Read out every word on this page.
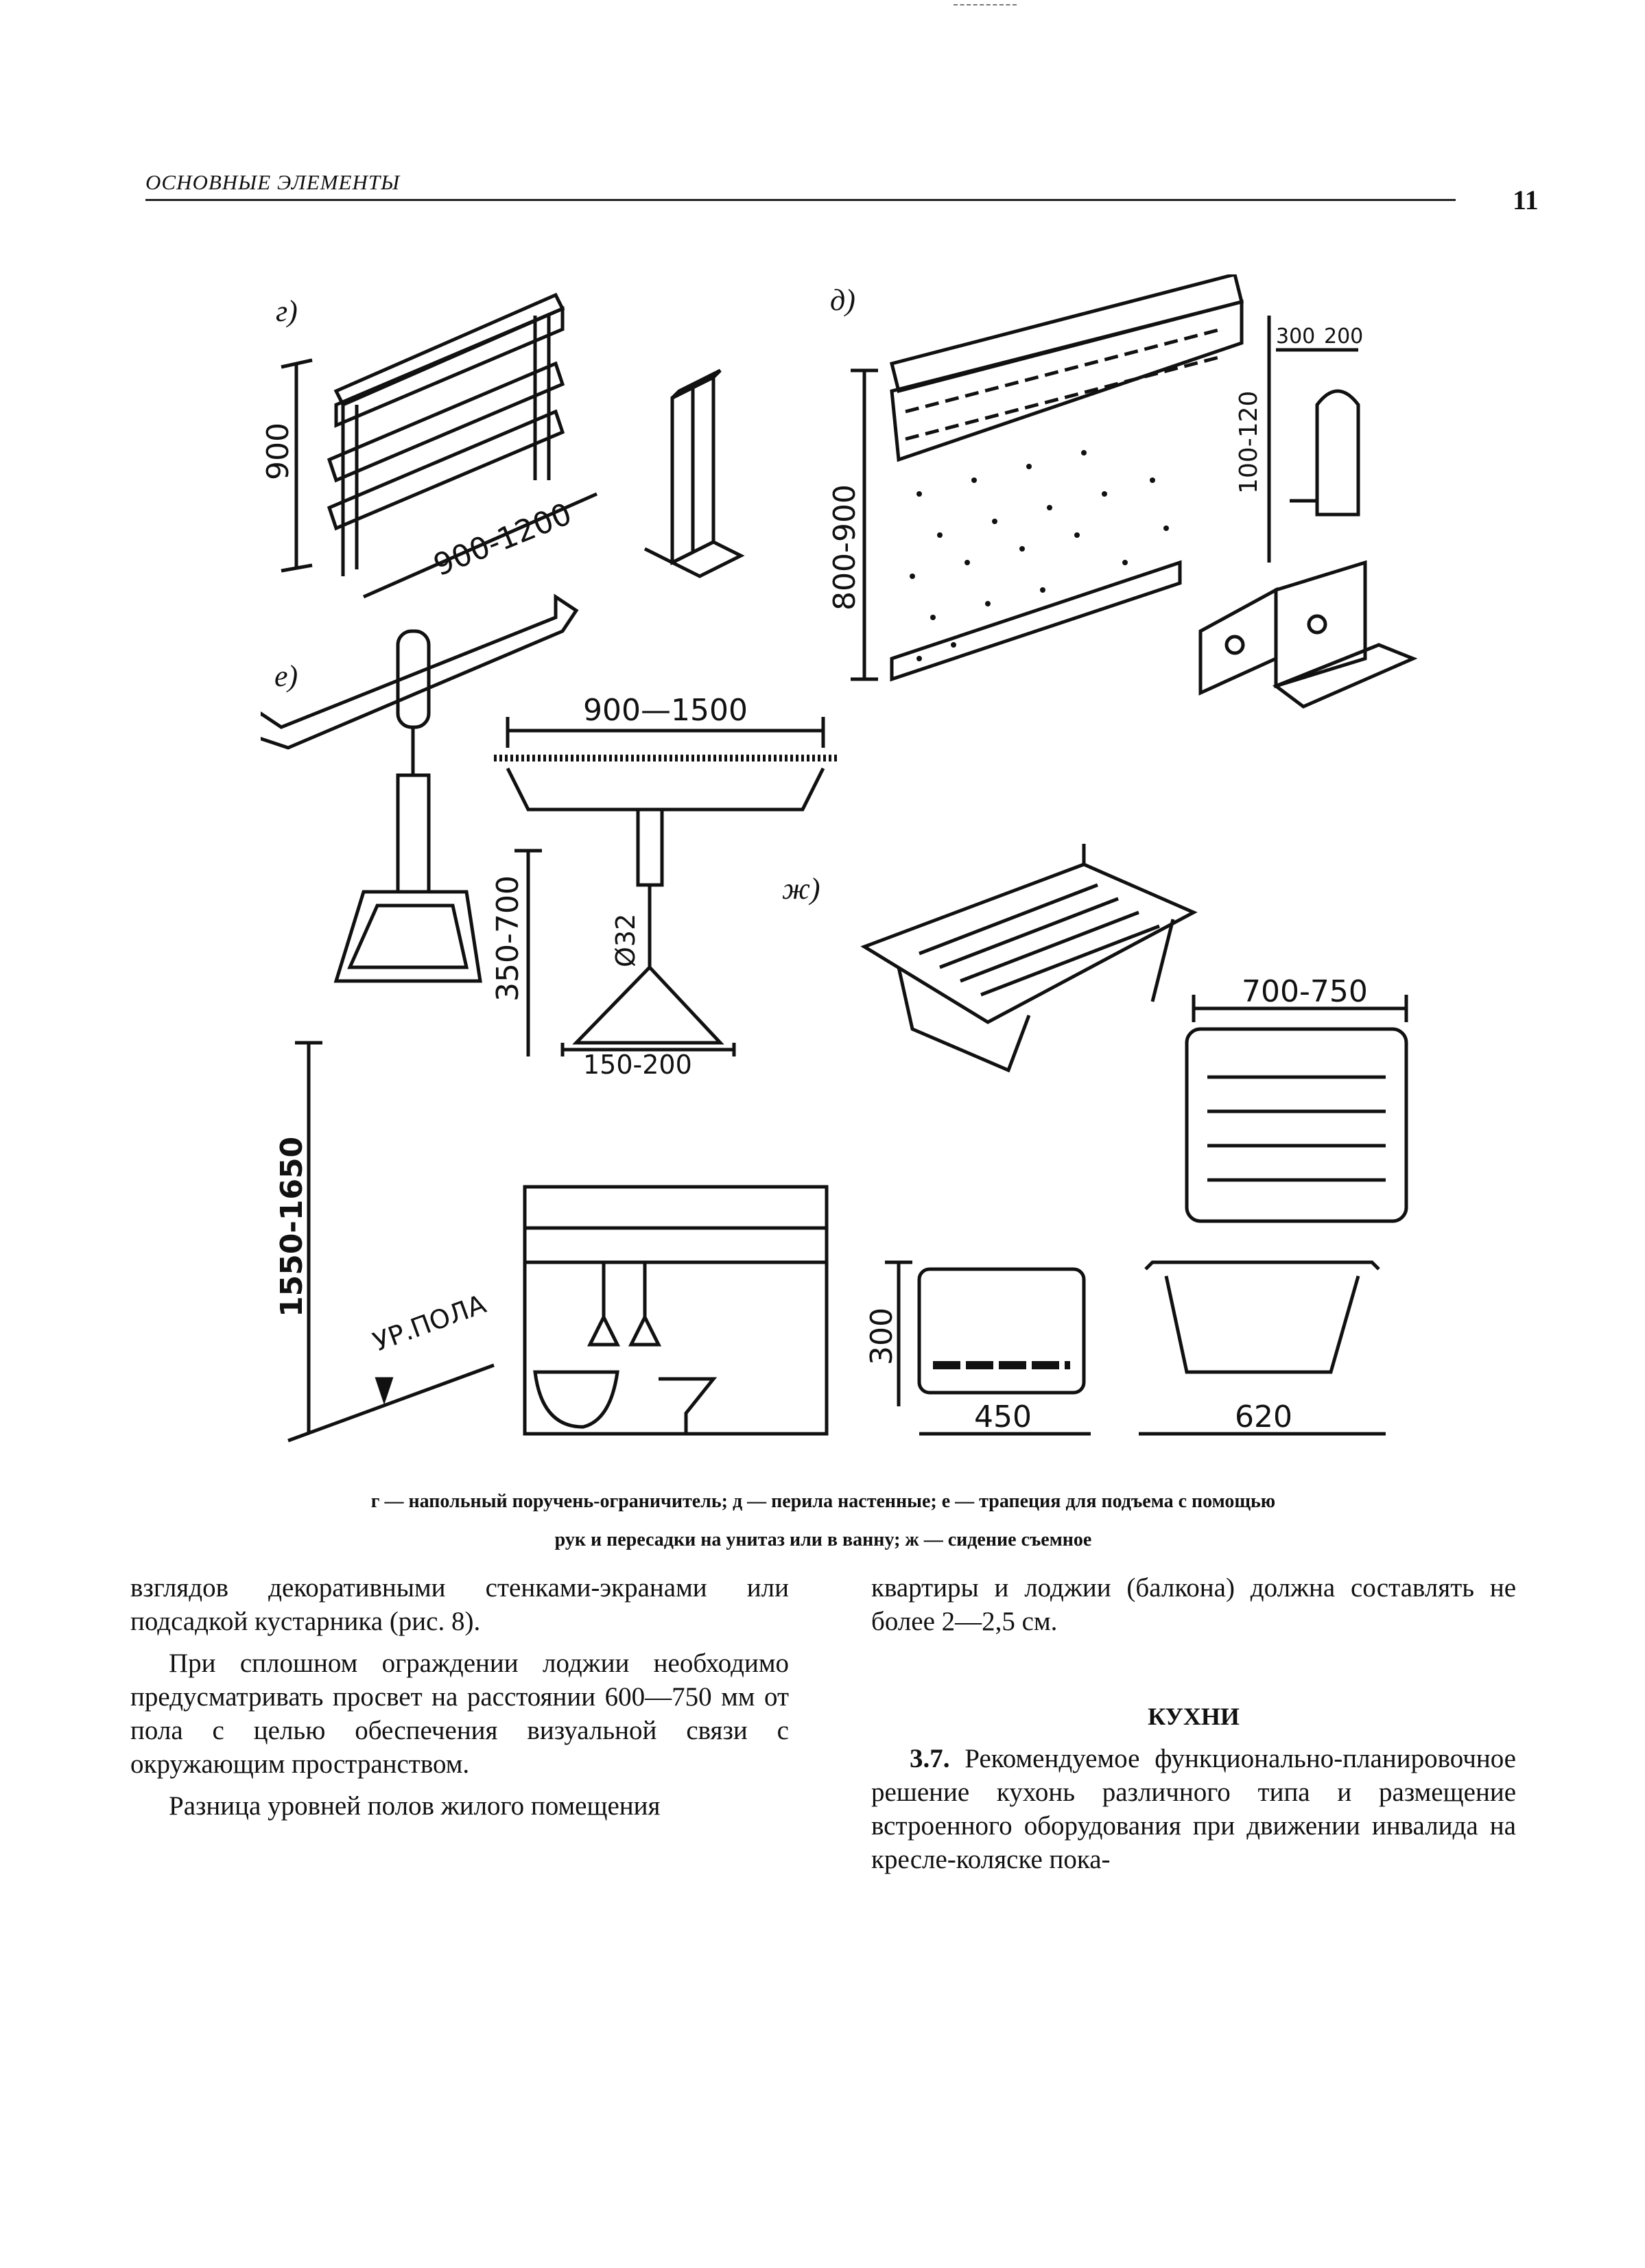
ОСНОВНЫЕ ЭЛЕМЕНТЫ
11
г)
900
900-1200
д)
800-900
100-120
300 200
е)
900—1500
Ø32
350-700
150-200
1550-1650
УР.ПОЛА
ж)
700-750
300
450	620
г — напольный поручень-ограничитель; д — перила настенные; е — трапеция для подъема с помощью
рук и пересадки на унитаз или в ванну; ж — сидение съемное

взглядов декоративными стенками-экранами или подсадкой кустарника (рис. 8).

При сплошном ограждении лоджии необходимо предусматривать просвет на расстоянии 600—750 мм от пола с целью обеспечения визуальной связи с окружающим пространством.

Разница уровней полов жилого помещения

квартиры и лоджии (балкона) должна составлять не более 2—2,5 см.

КУХНИ

3.7. Рекомендуемое функционально-планировочное решение кухонь различного типа и размещение встроенного оборудования при движении инвалида на кресле-коляске пока-
